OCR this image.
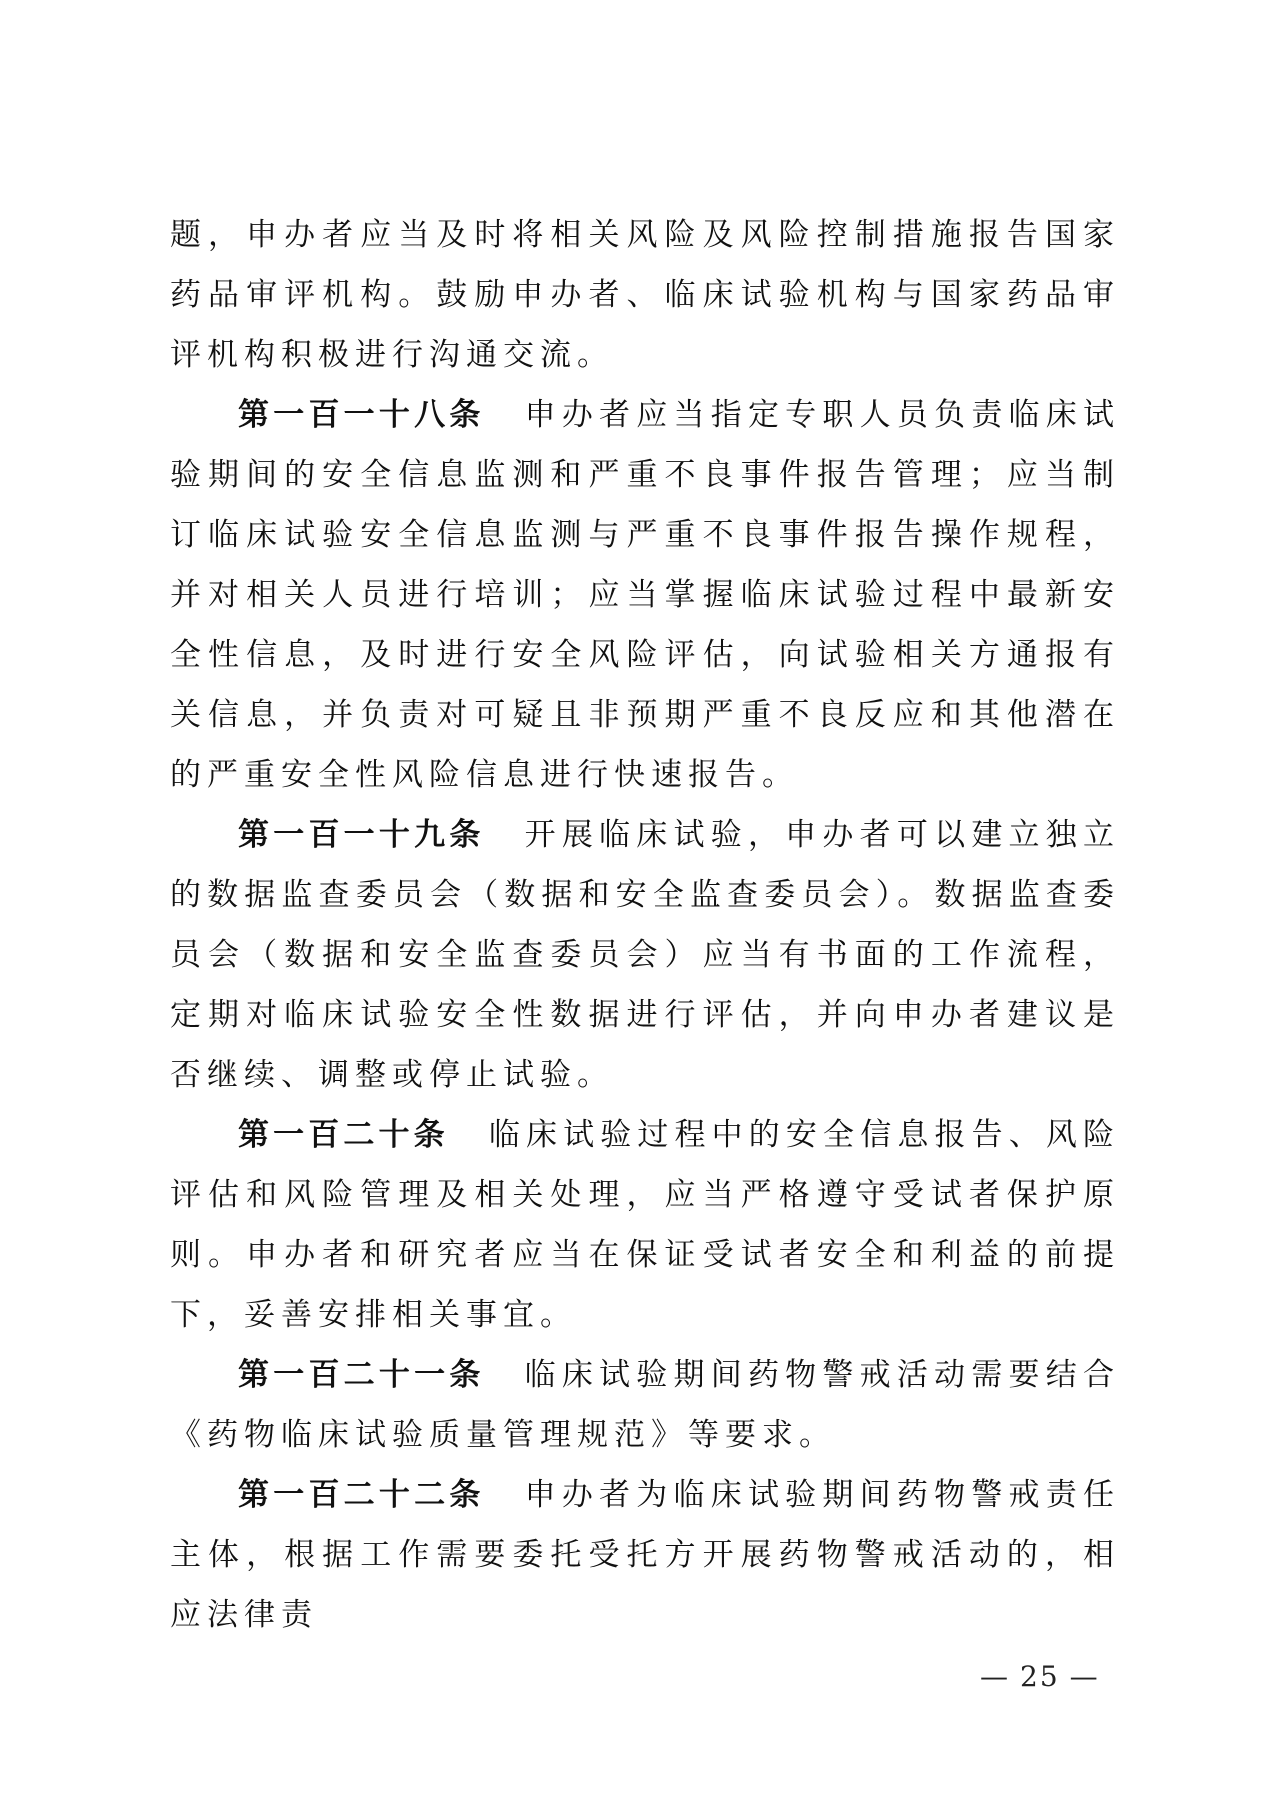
题，申办者应当及时将相关风险及风险控制措施报告国家药品审评机构。鼓励申办者、临床试验机构与国家药品审评机构积极进行沟通交流。

第一百一十八条 申办者应当指定专职人员负责临床试验期间的安全信息监测和严重不良事件报告管理；应当制订临床试验安全信息监测与严重不良事件报告操作规程，并对相关人员进行培训；应当掌握临床试验过程中最新安全性信息，及时进行安全风险评估，向试验相关方通报有关信息，并负责对可疑且非预期严重不良反应和其他潜在的严重安全性风险信息进行快速报告。

第一百一十九条 开展临床试验，申办者可以建立独立的数据监查委员会（数据和安全监查委员会）。数据监查委员会（数据和安全监查委员会）应当有书面的工作流程，定期对临床试验安全性数据进行评估，并向申办者建议是否继续、调整或停止试验。

第一百二十条 临床试验过程中的安全信息报告、风险评估和风险管理及相关处理，应当严格遵守受试者保护原则。申办者和研究者应当在保证受试者安全和利益的前提下，妥善安排相关事宜。

第一百二十一条 临床试验期间药物警戒活动需要结合《药物临床试验质量管理规范》等要求。

第一百二十二条 申办者为临床试验期间药物警戒责任主体，根据工作需要委托受托方开展药物警戒活动的，相应法律责

— 25 —
